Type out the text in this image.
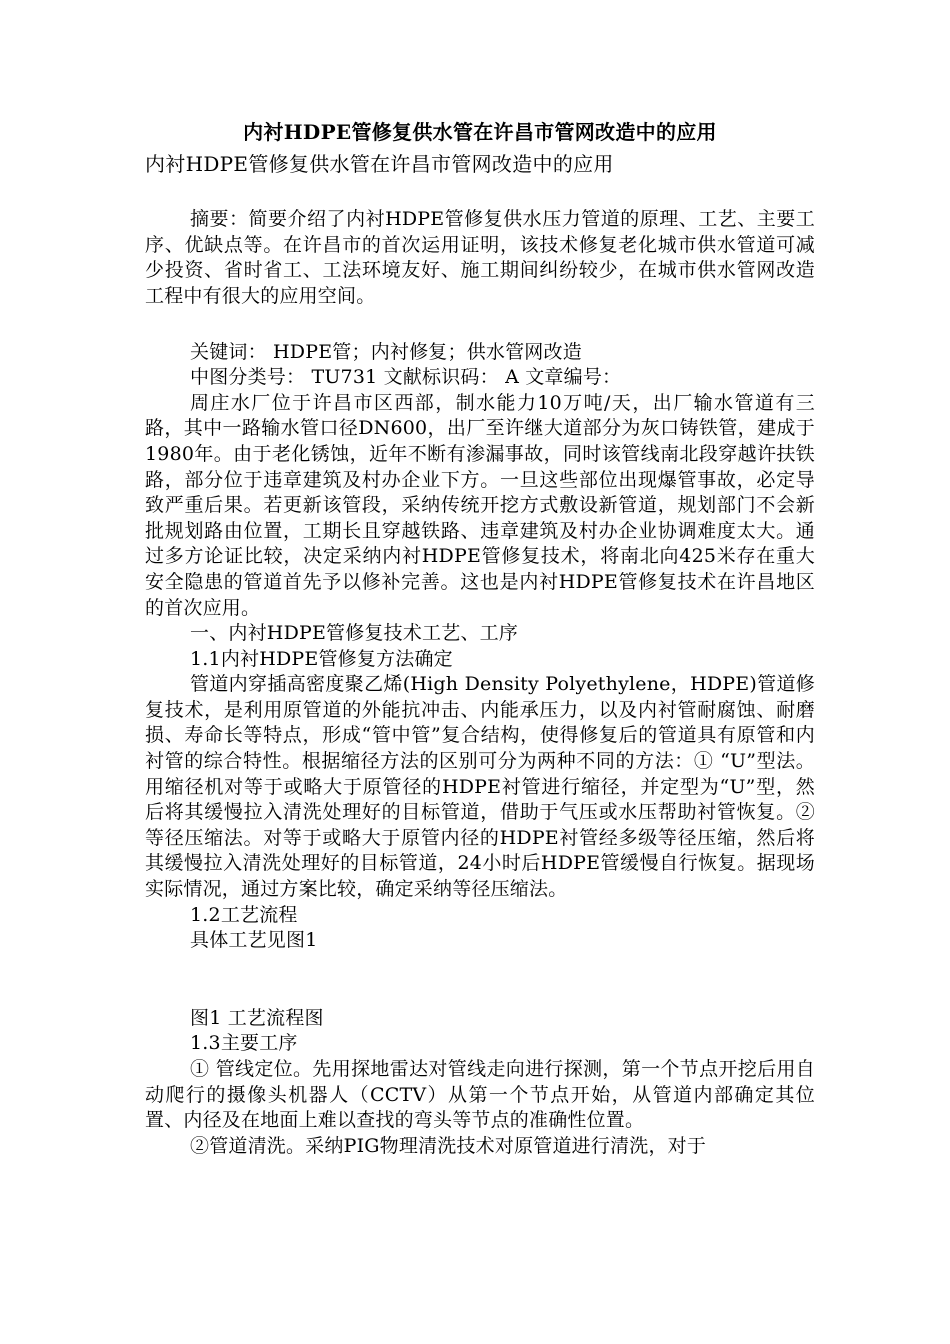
内衬HDPE管修复供水管在许昌市管网改造中的应用

内衬HDPE管修复供水管在许昌市管网改造中的应用

摘要：简要介绍了内衬HDPE管修复供水压力管道的原理、工艺、主要工序、优缺点等。在许昌市的首次运用证明，该技术修复老化城市供水管道可减少投资、省时省工、工法环境友好、施工期间纠纷较少，在城市供水管网改造工程中有很大的应用空间。

关键词： HDPE管；内衬修复；供水管网改造

中图分类号： TU731 文献标识码： A 文章编号：

周庄水厂位于许昌市区西部，制水能力10万吨/天，出厂输水管道有三路，其中一路输水管口径DN600，出厂至许继大道部分为灰口铸铁管，建成于1980年。由于老化锈蚀，近年不断有渗漏事故，同时该管线南北段穿越许扶铁路，部分位于违章建筑及村办企业下方。一旦这些部位出现爆管事故，必定导致严重后果。若更新该管段，采纳传统开挖方式敷设新管道，规划部门不会新批规划路由位置，工期长且穿越铁路、违章建筑及村办企业协调难度太大。通过多方论证比较，决定采纳内衬HDPE管修复技术，将南北向425米存在重大安全隐患的管道首先予以修补完善。这也是内衬HDPE管修复技术在许昌地区的首次应用。

一、内衬HDPE管修复技术工艺、工序

1.1内衬HDPE管修复方法确定

管道内穿插高密度聚乙烯(High Density Polyethylene，HDPE)管道修复技术，是利用原管道的外能抗冲击、内能承压力，以及内衬管耐腐蚀、耐磨损、寿命长等特点，形成“管中管”复合结构，使得修复后的管道具有原管和内衬管的综合特性。根据缩径方法的区别可分为两种不同的方法：① “U”型法。用缩径机对等于或略大于原管径的HDPE衬管进行缩径，并定型为“U”型，然后将其缓慢拉入清洗处理好的目标管道，借助于气压或水压帮助衬管恢复。②等径压缩法。对等于或略大于原管内径的HDPE衬管经多级等径压缩，然后将其缓慢拉入清洗处理好的目标管道，24小时后HDPE管缓慢自行恢复。据现场实际情况，通过方案比较，确定采纳等径压缩法。

1.2工艺流程

具体工艺见图1

图1 工艺流程图

1.3主要工序

① 管线定位。先用探地雷达对管线走向进行探测，第一个节点开挖后用自动爬行的摄像头机器人（CCTV）从第一个节点开始，从管道内部确定其位置、内径及在地面上难以查找的弯头等节点的准确性位置。

②管道清洗。采纳PIG物理清洗技术对原管道进行清洗，对于
